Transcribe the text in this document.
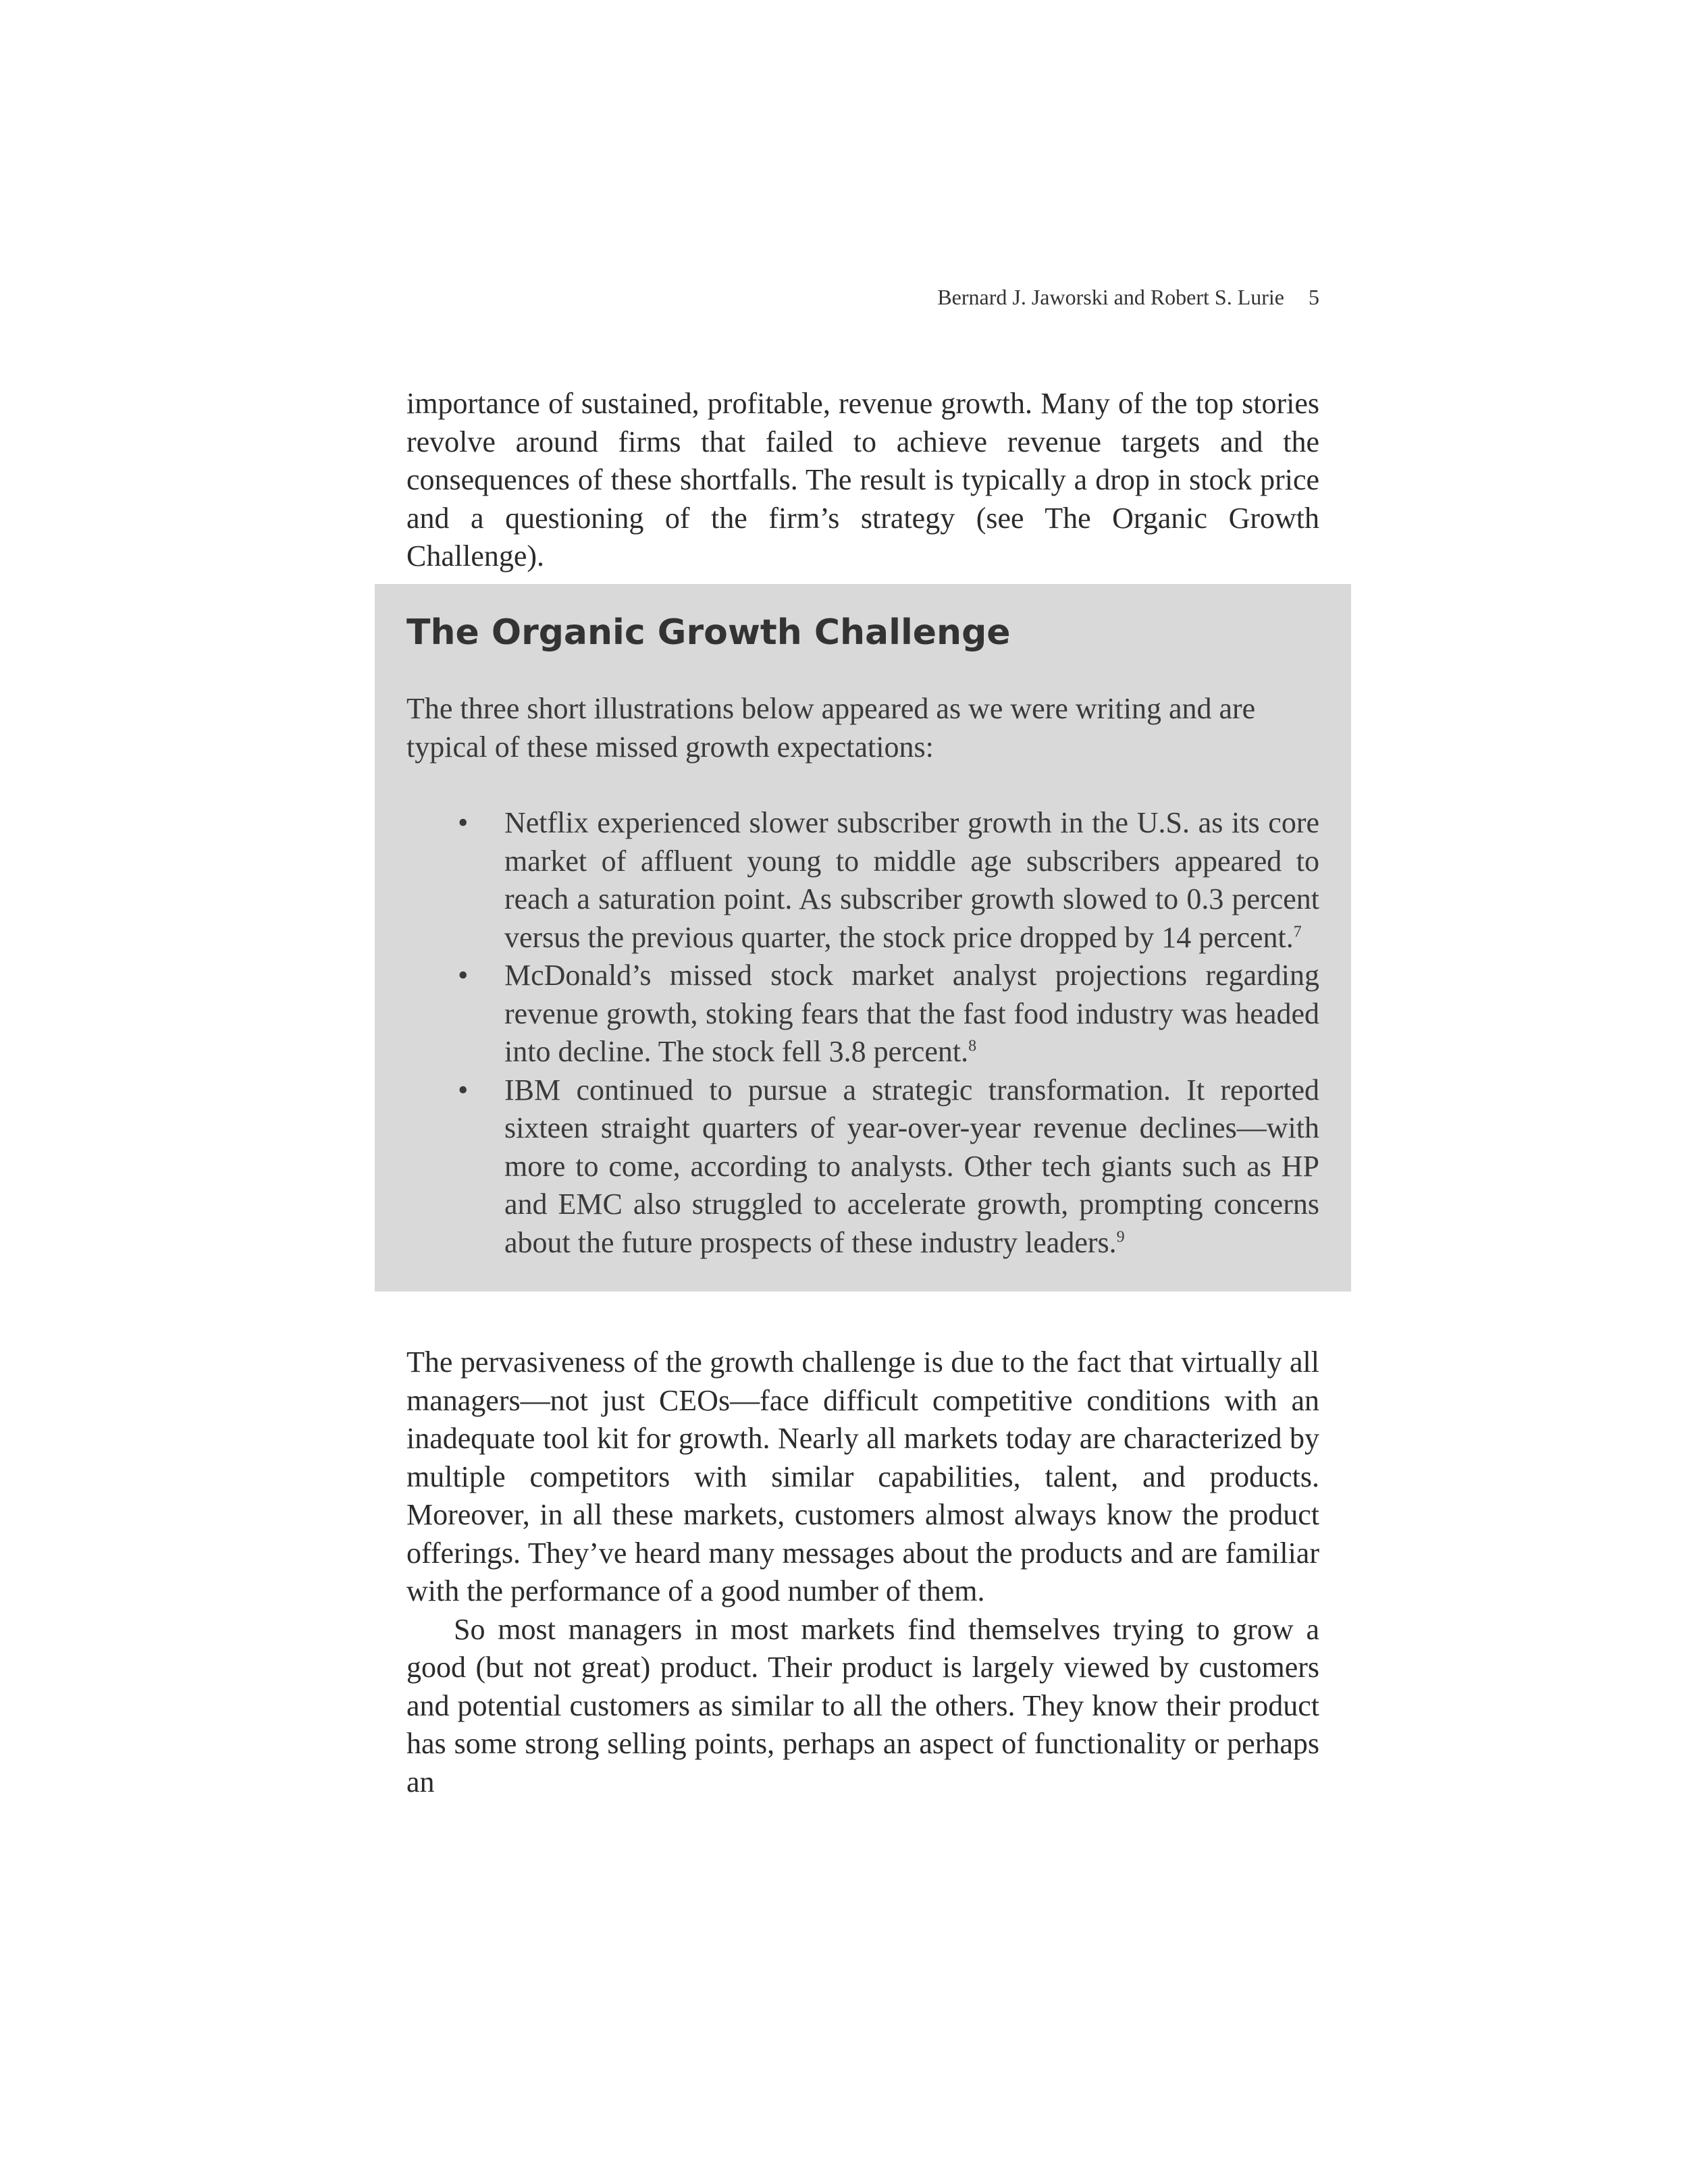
Bernard J. Jaworski and Robert S. Lurie 5

importance of sustained, profitable, revenue growth. Many of the top stories revolve around firms that failed to achieve revenue targets and the consequences of these shortfalls. The result is typically a drop in stock price and a questioning of the firm’s strategy (see The Organic Growth Challenge).

The Organic Growth Challenge

The three short illustrations below appeared as we were writing and are typical of these missed growth expectations:

• Netflix experienced slower subscriber growth in the U.S. as its core market of affluent young to middle age subscribers appeared to reach a saturation point. As subscriber growth slowed to 0.3 percent versus the previous quarter, the stock price dropped by 14 percent.$^7$
• McDonald’s missed stock market analyst projections regarding revenue growth, stoking fears that the fast food industry was headed into decline. The stock fell 3.8 percent.$^8$
• IBM continued to pursue a strategic transformation. It reported sixteen straight quarters of year-over-year revenue declines—with more to come, according to analysts. Other tech giants such as HP and EMC also struggled to accelerate growth, prompting concerns about the future prospects of these industry leaders.$^9$

The pervasiveness of the growth challenge is due to the fact that virtually all managers—not just CEOs—face difficult competitive conditions with an inadequate tool kit for growth. Nearly all markets today are characterized by multiple competitors with similar capabilities, talent, and products. Moreover, in all these markets, customers almost always know the product offerings. They’ve heard many messages about the products and are familiar with the performance of a good number of them.

So most managers in most markets find themselves trying to grow a good (but not great) product. Their product is largely viewed by customers and potential customers as similar to all the others. They know their product has some strong selling points, perhaps an aspect of functionality or perhaps an
